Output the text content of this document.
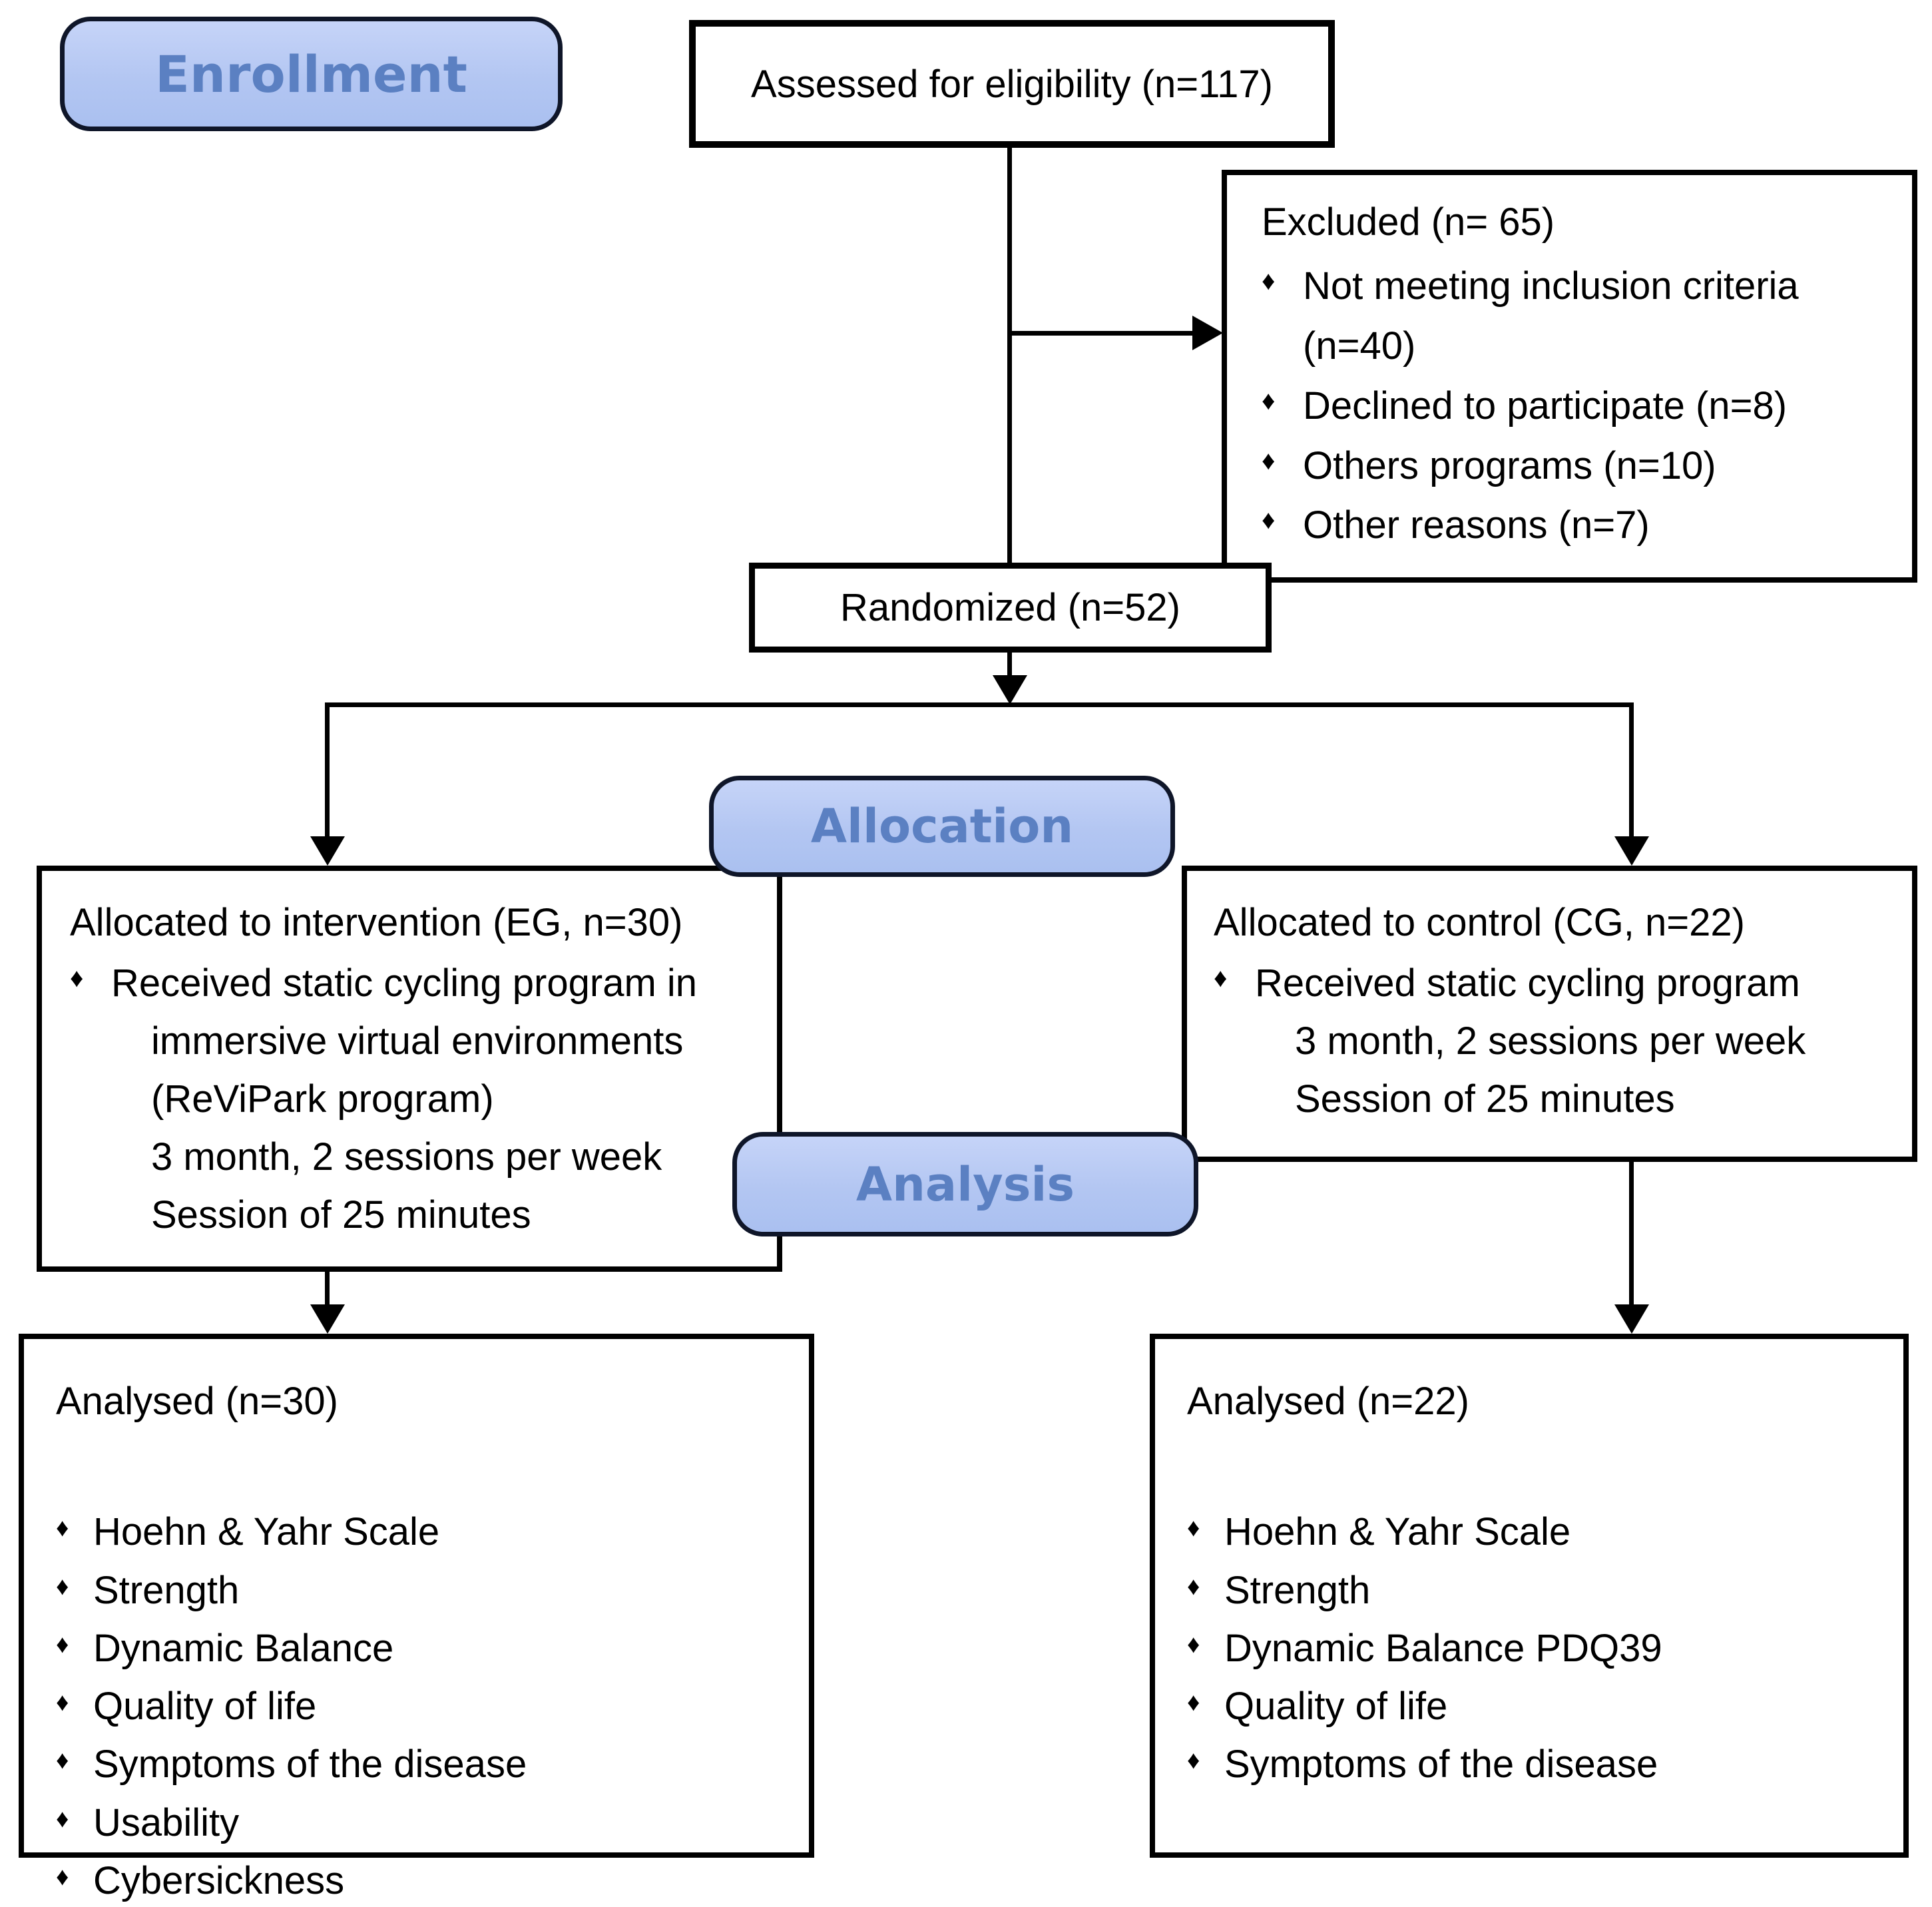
Enrollment
Allocation
Analysis
Assessed for eligibility (n=117)
Excluded (n= 65)
♦ Not meeting inclusion criteria (n=40)
♦ Declined to participate (n=8)
♦ Others programs (n=10)
♦ Other reasons (n=7)
Randomized (n=52)
Allocated to intervention (EG, n=30)
♦ Received static cycling program in
immersive virtual environments
(ReViPark program)
3 month, 2 sessions per week
Session of 25 minutes
Allocated to control (CG, n=22)
♦ Received static cycling program
3 month, 2 sessions per week
Session of 25 minutes
Analysed (n=30)
♦ Hoehn & Yahr Scale
♦ Strength
♦ Dynamic Balance
♦ Quality of life
♦ Symptoms of the disease
♦ Usability
♦ Cybersickness
Analysed (n=22)
♦ Hoehn & Yahr Scale
♦ Strength
♦ Dynamic Balance PDQ39
♦ Quality of life
♦ Symptoms of the disease
